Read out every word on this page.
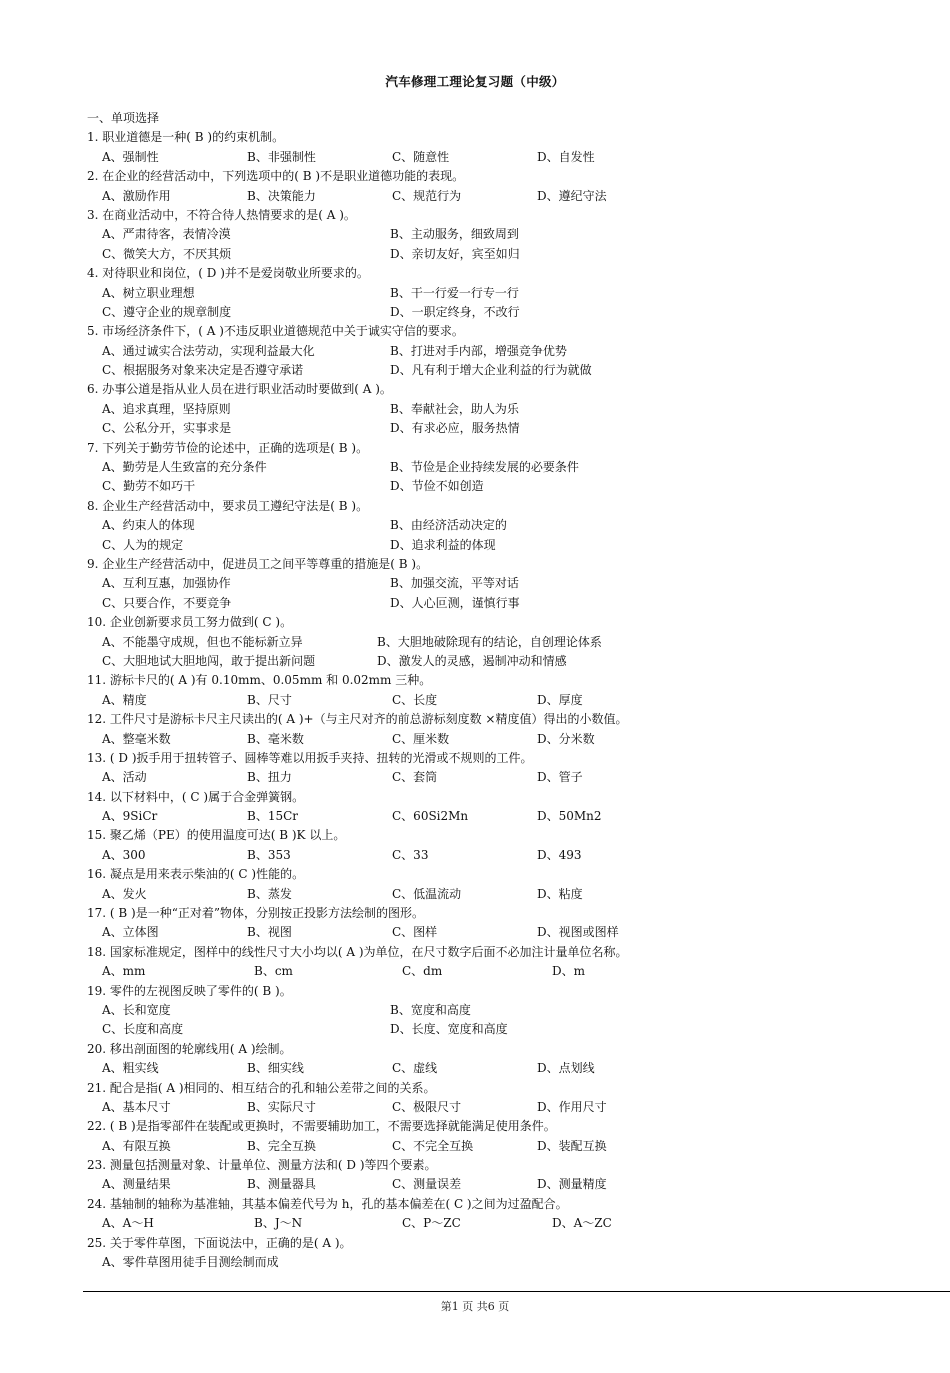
汽车修理工理论复习题（中级）
一、单项选择
1. 职业道德是一种( B )的约束机制。
A、强制性	B、非强制性	C、随意性	D、自发性
2. 在企业的经营活动中，下列选项中的( B )不是职业道德功能的表现。
A、激励作用	B、决策能力	C、规范行为	D、遵纪守法
3. 在商业活动中，不符合待人热情要求的是( A )。
A、严肃待客，表情冷漠	B、主动服务，细致周到
C、微笑大方，不厌其烦	D、亲切友好，宾至如归
4. 对待职业和岗位，( D )并不是爱岗敬业所要求的。
A、树立职业理想	B、干一行爱一行专一行
C、遵守企业的规章制度	D、一职定终身，不改行
5. 市场经济条件下，( A )不违反职业道德规范中关于诚实守信的要求。
A、通过诚实合法劳动，实现利益最大化	B、打进对手内部，增强竞争优势
C、根据服务对象来决定是否遵守承诺	D、凡有利于增大企业利益的行为就做
6. 办事公道是指从业人员在进行职业活动时要做到( A )。
A、追求真理，坚持原则	B、奉献社会，助人为乐
C、公私分开，实事求是	D、有求必应，服务热情
7. 下列关于勤劳节俭的论述中，正确的选项是( B )。
A、勤劳是人生致富的充分条件	B、节俭是企业持续发展的必要条件
C、勤劳不如巧干	D、节俭不如创造
8. 企业生产经营活动中，要求员工遵纪守法是( B )。
A、约束人的体现	B、由经济活动决定的
C、人为的规定	D、追求利益的体现
9. 企业生产经营活动中，促进员工之间平等尊重的措施是( B )。
A、互利互惠，加强协作	B、加强交流，平等对话
C、只要合作，不要竞争	D、人心叵测，谨慎行事
10. 企业创新要求员工努力做到( C )。
A、不能墨守成规，但也不能标新立异	B、大胆地破除现有的结论，自创理论体系
C、大胆地试大胆地闯，敢于提出新问题	D、激发人的灵感，遏制冲动和情感
11. 游标卡尺的( A )有 0.10mm、0.05mm 和 0.02mm 三种。
A、精度	B、尺寸	C、长度	D、厚度
12. 工件尺寸是游标卡尺主尺读出的( A )+（与主尺对齐的前总游标刻度数 ×精度值）得出的小数值。
A、整毫米数	B、毫米数	C、厘米数	D、分米数
13. ( D )扳手用于扭转管子、圆棒等难以用扳手夹持、扭转的光滑或不规则的工件。
A、活动	B、扭力	C、套筒	D、管子
14. 以下材料中，( C )属于合金弹簧钢。
A、9SiCr	B、15Cr	C、60Si2Mn	D、50Mn2
15. 聚乙烯（PE）的使用温度可达( B )K 以上。
A、300	B、353	C、33	D、493
16. 凝点是用来表示柴油的( C )性能的。
A、发火	B、蒸发	C、低温流动	D、粘度
17. ( B )是一种“正对着”物体，分别按正投影方法绘制的图形。
A、立体图	B、视图	C、图样	D、视图或图样
18. 国家标准规定，图样中的线性尺寸大小均以( A )为单位，在尺寸数字后面不必加注计量单位名称。
A、mm	B、cm	C、dm	D、m
19. 零件的左视图反映了零件的( B )。
A、长和宽度	B、宽度和高度
C、长度和高度	D、长度、宽度和高度
20. 移出剖面图的轮廓线用( A )绘制。
A、粗实线	B、细实线	C、虚线	D、点划线
21. 配合是指( A )相同的、相互结合的孔和轴公差带之间的关系。
A、基本尺寸	B、实际尺寸	C、极限尺寸	D、作用尺寸
22. ( B )是指零部件在装配或更换时，不需要辅助加工，不需要选择就能满足使用条件。
A、有限互换	B、完全互换	C、不完全互换	D、装配互换
23. 测量包括测量对象、计量单位、测量方法和( D )等四个要素。
A、测量结果	B、测量器具	C、测量误差	D、测量精度
24. 基轴制的轴称为基准轴，其基本偏差代号为 h，孔的基本偏差在( C )之间为过盈配合。
A、A～H	B、J～N	C、P～ZC	D、A～ZC
25. 关于零件草图，下面说法中，正确的是( A )。
A、零件草图用徒手目测绘制而成
第1 页 共6 页
